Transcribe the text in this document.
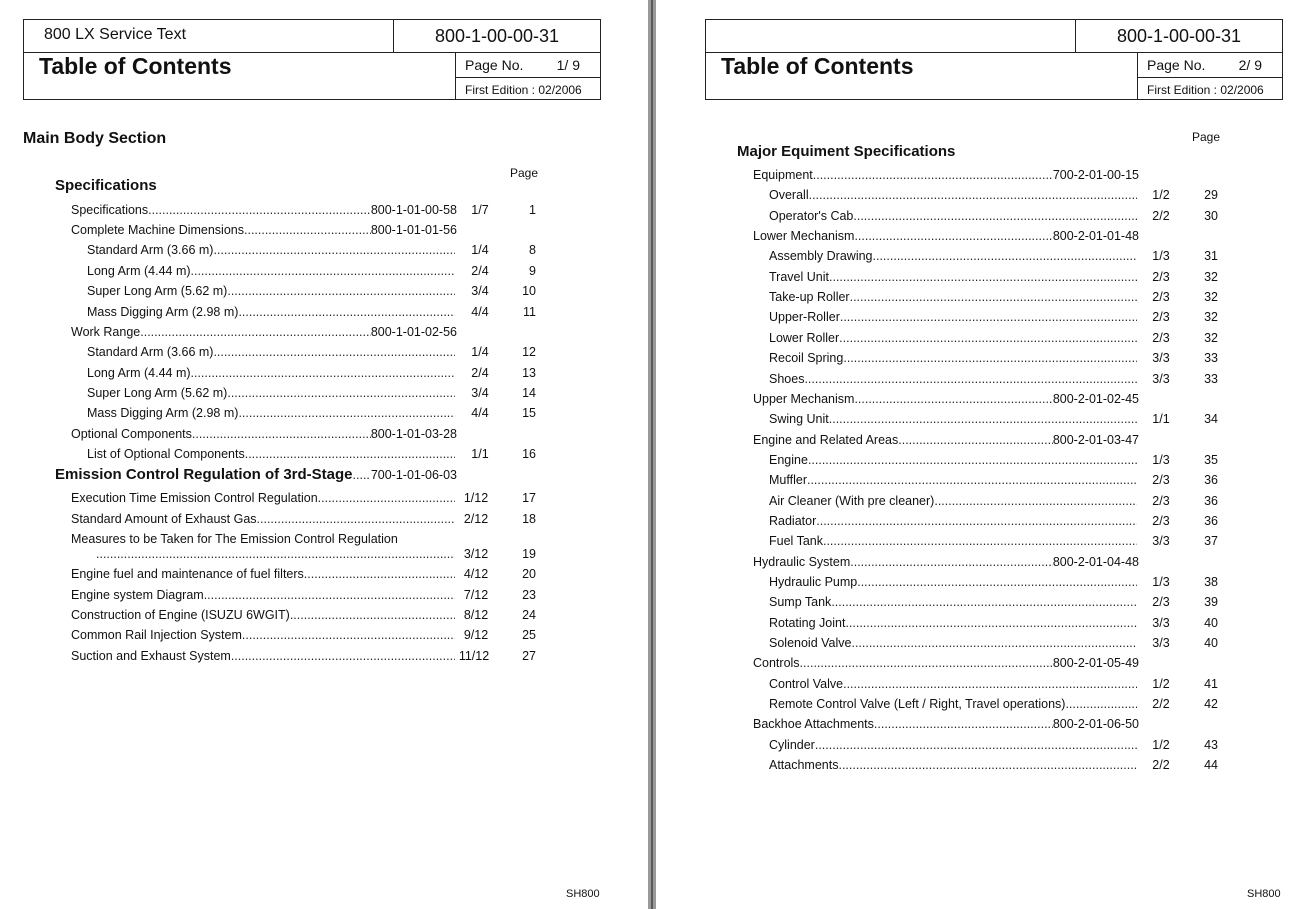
800 LX Service Text	800-1-00-00-31
Table of Contents	Page No. 1/ 9
First Edition : 02/2006
Main Body Section
Page
Specifications
Specifications .....	800-1-01-00-58	1/7	1
Complete Machine Dimensions .....	800-1-01-01-56
Standard Arm (3.66 m) .....	1/4	8
Long Arm (4.44 m) .....	2/4	9
Super Long Arm (5.62 m) .....	3/4	10
Mass Digging Arm (2.98 m) .....	4/4	11
Work Range .....	800-1-01-02-56
Standard Arm (3.66 m) .....	1/4	12
Long Arm (4.44 m) .....	2/4	13
Super Long Arm (5.62 m) .....	3/4	14
Mass Digging Arm (2.98 m) .....	4/4	15
Optional Components .....	800-1-01-03-28
List of Optional Components .....	1/1	16
Emission Control Regulation of 3rd-Stage ..... 700-1-01-06-03
Execution Time Emission Control Regulation .....	1/12	17
Standard Amount of Exhaust Gas .....	2/12	18
Measures to be Taken for The Emission Control Regulation
.....
3/12	19
Engine fuel and maintenance of fuel filters .....	4/12	20
Engine system Diagram .....	7/12	23
Construction of Engine (ISUZU 6WGIT) .....	8/12	24
Common Rail Injection System .....	9/12	25
Suction and Exhaust System .....	11/12	27
SH800
800-1-00-00-31
Table of Contents	Page No. 2/ 9
First Edition : 02/2006
Page
Major Equiment Specifications
Equipment .....	700-2-01-00-15
Overall .....	1/2	29
Operator's Cab .....	2/2	30
Lower Mechanism .....	800-2-01-01-48
Assembly Drawing .....	1/3	31
Travel Unit .....	2/3	32
Take-up Roller .....	2/3	32
Upper-Roller .....	2/3	32
Lower Roller .....	2/3	32
Recoil Spring .....	3/3	33
Shoes .....	3/3	33
Upper Mechanism .....	800-2-01-02-45
Swing Unit .....	1/1	34
Engine and Related Areas .....	800-2-01-03-47
Engine .....	1/3	35
Muffler .....	2/3	36
Air Cleaner (With pre cleaner) .....	2/3	36
Radiator .....	2/3	36
Fuel Tank .....	3/3	37
Hydraulic System .....	800-2-01-04-48
Hydraulic Pump .....	1/3	38
Sump Tank .....	2/3	39
Rotating Joint .....	3/3	40
Solenoid Valve .....	3/3	40
Controls .....	800-2-01-05-49
Control Valve .....	1/2	41
Remote Control Valve (Left / Right, Travel operations) .....	2/2	42
Backhoe Attachments .....	800-2-01-06-50
Cylinder .....	1/2	43
Attachments .....	2/2	44
SH800
